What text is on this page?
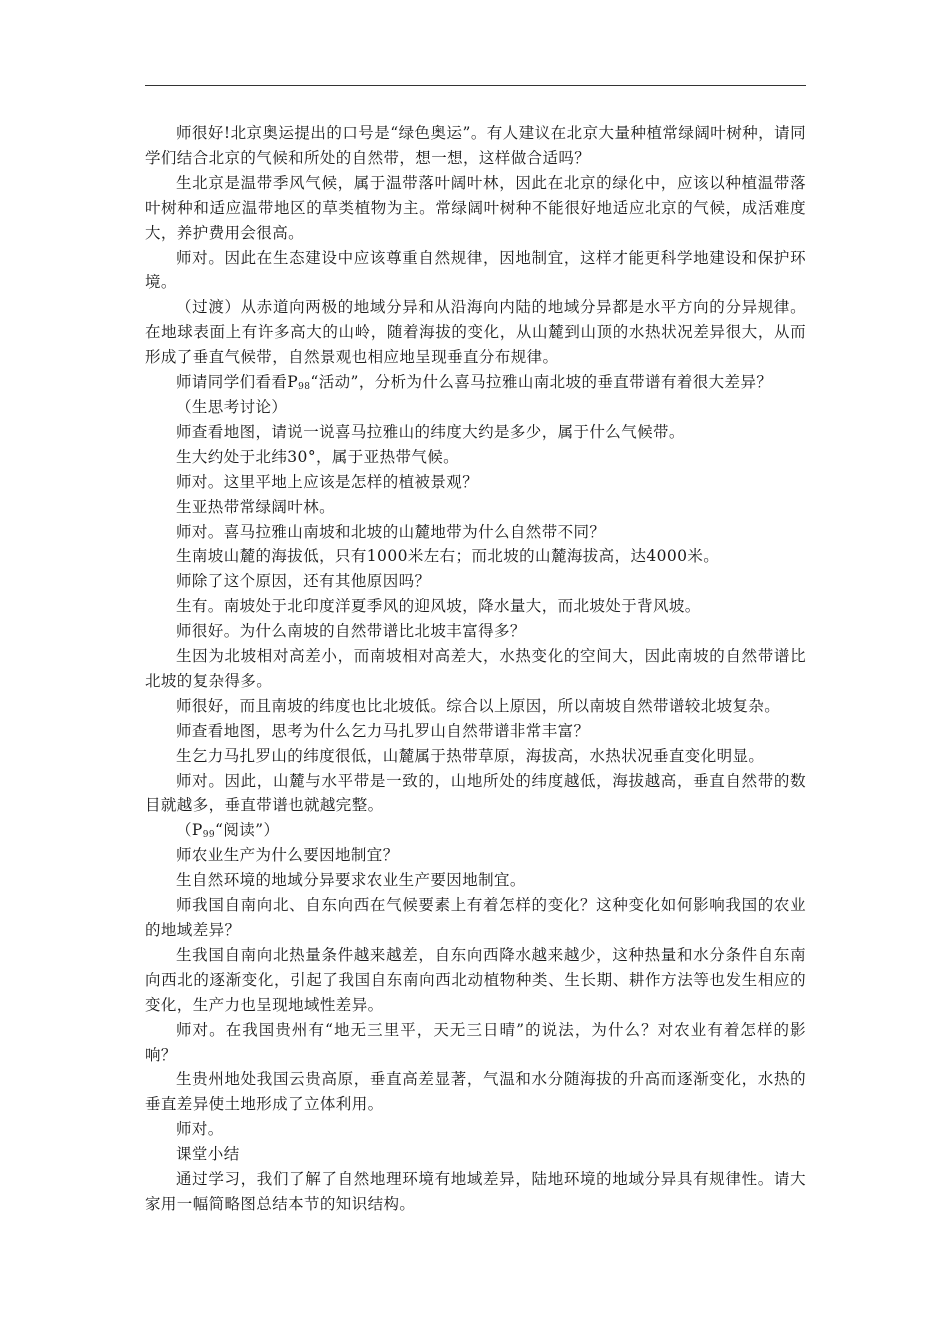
师很好!北京奥运提出的口号是“绿色奥运”。有人建议在北京大量种植常绿阔叶树种，请同学们结合北京的气候和所处的自然带，想一想，这样做合适吗？

生北京是温带季风气候，属于温带落叶阔叶林，因此在北京的绿化中，应该以种植温带落叶树种和适应温带地区的草类植物为主。常绿阔叶树种不能很好地适应北京的气候，成活难度大，养护费用会很高。

师对。因此在生态建设中应该尊重自然规律，因地制宜，这样才能更科学地建设和保护环境。

（过渡）从赤道向两极的地域分异和从沿海向内陆的地域分异都是水平方向的分异规律。在地球表面上有许多高大的山岭，随着海拔的变化，从山麓到山顶的水热状况差异很大，从而形成了垂直气候带，自然景观也相应地呈现垂直分布规律。

师请同学们看看$P_{98}“$活动”，分析为什么喜马拉雅山南北坡的垂直带谱有着很大差异？

（生思考讨论）

师查看地图，请说一说喜马拉雅山的纬度大约是多少，属于什么气候带。

生大约处于北纬30°，属于亚热带气候。

师对。这里平地上应该是怎样的植被景观？

生亚热带常绿阔叶林。

师对。喜马拉雅山南坡和北坡的山麓地带为什么自然带不同？

生南坡山麓的海拔低，只有1000米左右；而北坡的山麓海拔高，达4000米。

师除了这个原因，还有其他原因吗？

生有。南坡处于北印度洋夏季风的迎风坡，降水量大，而北坡处于背风坡。

师很好。为什么南坡的自然带谱比北坡丰富得多？

生因为北坡相对高差小，而南坡相对高差大，水热变化的空间大，因此南坡的自然带谱比北坡的复杂得多。

师很好，而且南坡的纬度也比北坡低。综合以上原因，所以南坡自然带谱较北坡复杂。

师查看地图，思考为什么乞力马扎罗山自然带谱非常丰富？

生乞力马扎罗山的纬度很低，山麓属于热带草原，海拔高，水热状况垂直变化明显。

师对。因此，山麓与水平带是一致的，山地所处的纬度越低，海拔越高，垂直自然带的数目就越多，垂直带谱也就越完整。

（$P_{99}“$阅读”）

师农业生产为什么要因地制宜？

生自然环境的地域分异要求农业生产要因地制宜。

师我国自南向北、自东向西在气候要素上有着怎样的变化？这种变化如何影响我国的农业的地域差异？

生我国自南向北热量条件越来越差，自东向西降水越来越少，这种热量和水分条件自东南向西北的逐渐变化，引起了我国自东南向西北动植物种类、生长期、耕作方法等也发生相应的变化，生产力也呈现地域性差异。

师对。在我国贵州有“地无三里平，天无三日晴”的说法，为什么？对农业有着怎样的影响？

生贵州地处我国云贵高原，垂直高差显著，气温和水分随海拔的升高而逐渐变化，水热的垂直差异使土地形成了立体利用。

师对。

课堂小结

通过学习，我们了解了自然地理环境有地域差异，陆地环境的地域分异具有规律性。请大家用一幅简略图总结本节的知识结构。
